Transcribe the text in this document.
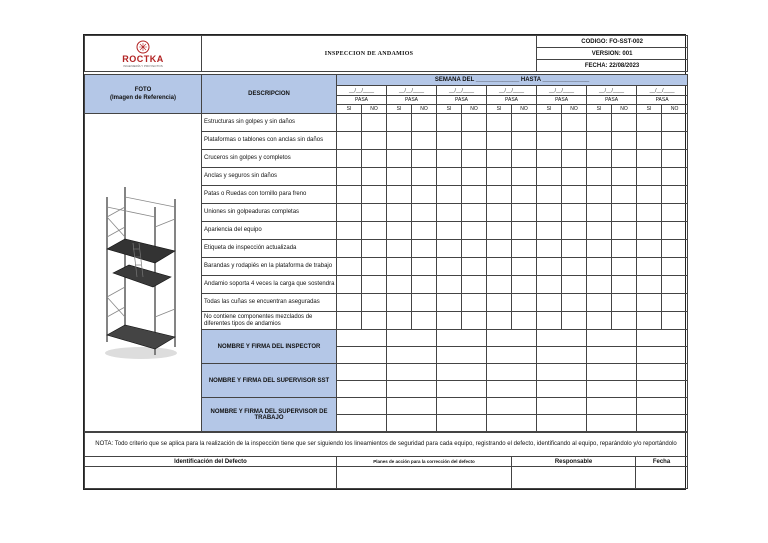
ROCTKA
INGENIERÍA Y PROYECTOS	INSPECCION DE ANDAMIOS									CODIGO: FO-SST-002					
										VERSION: 001					
										FECHA: 22/08/2023					

FOTO
(Imagen de Referencia)	DESCRIPCION	SEMANA DEL _____________ HASTA ______________													
		__/__/____		__/__/____		__/__/____		__/__/____		__/__/____		__/__/____		__/__/____	
		PASA		PASA		PASA		PASA		PASA		PASA		PASA	
		SI	NO	SI	NO	SI	NO	SI	NO	SI	NO	SI	NO	SI	NO
	Estructuras sin golpes y sin daños														
	Plataformas o tablones con anclas sin daños														
	Cruceros sin golpes y completos														
	Anclas y seguros sin daños														
	Patas o Ruedas con tornillo para freno														
	Uniones sin golpeaduras completas														
	Apariencia del equipo														
	Etiqueta de inspección actualizada														
	Barandas y rodapiés en la plataforma de trabajo														
	Andamio soporta 4 veces la carga que sostendra														
	Todas las cuñas se encuentran aseguradas														
	No contiene componentes mezclados de diferentes tipos de andamios														
	NOMBRE Y FIRMA DEL INSPECTOR														

	NOMBRE Y FIRMA DEL SUPERVISOR SST														

	NOMBRE Y FIRMA DEL SUPERVISOR DE TRABAJO														

NOTA: Todo criterio que se aplica para la realización de la inspección tiene que ser siguiendo los lineamientos de seguridad para cada equipo, registrando el defecto, identificando al equipo, reparándolo y/o reportándolo			
Identificación del Defecto	Planes de acción para la corrección del defecto	Responsable	Fecha
